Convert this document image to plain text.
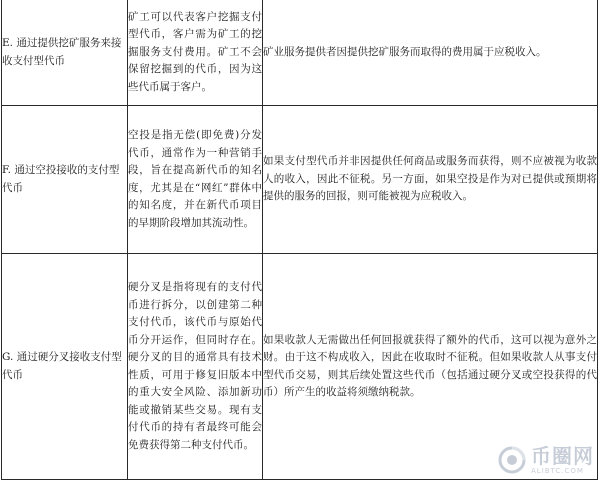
E. 通过提供挖矿服务来接收支付型代币	矿工可以代表客户挖掘支付型代币，客户需为矿工的挖掘服务支付费用。矿工不会保留挖掘到的代币，因为这些代币属于客户。	矿业服务提供者因提供挖矿服务而取得的费用属于应税收入。
F. 通过空投接收的支付型代币	空投是指无偿(即免费)分发代币，通常作为一种营销手段，旨在提高新代币的知名度，尤其是在“网红”群体中的知名度，并在新代币项目的早期阶段增加其流动性。	如果支付型代币并非因提供任何商品或服务而获得，则不应被视为收款人的收入，因此不征税。另一方面，如果空投是作为对已提供或预期将提供的服务的回报，则可能被视为应税收入。
G. 通过硬分叉接收支付型代币	硬分叉是指将现有的支付代币进行拆分，以创建第二种支付代币，该代币与原始代币分开运作，但同时存在。硬分叉的目的通常具有技术性质，可用于修复旧版本中的重大安全风险、添加新功能或撤销某些交易。现有支付代币的持有者最终可能会免费获得第二种支付代币。	如果收款人无需做出任何回报就获得了额外的代币，这可以视为意外之财。由于这不构成收入，因此在收取时不征税。但如果收款人从事支付型代币交易，则其后续处置这些代币（包括通过硬分叉或空投获得的代币）所产生的收益将须缴纳税款。
币圈网
ALIBTC.COM
